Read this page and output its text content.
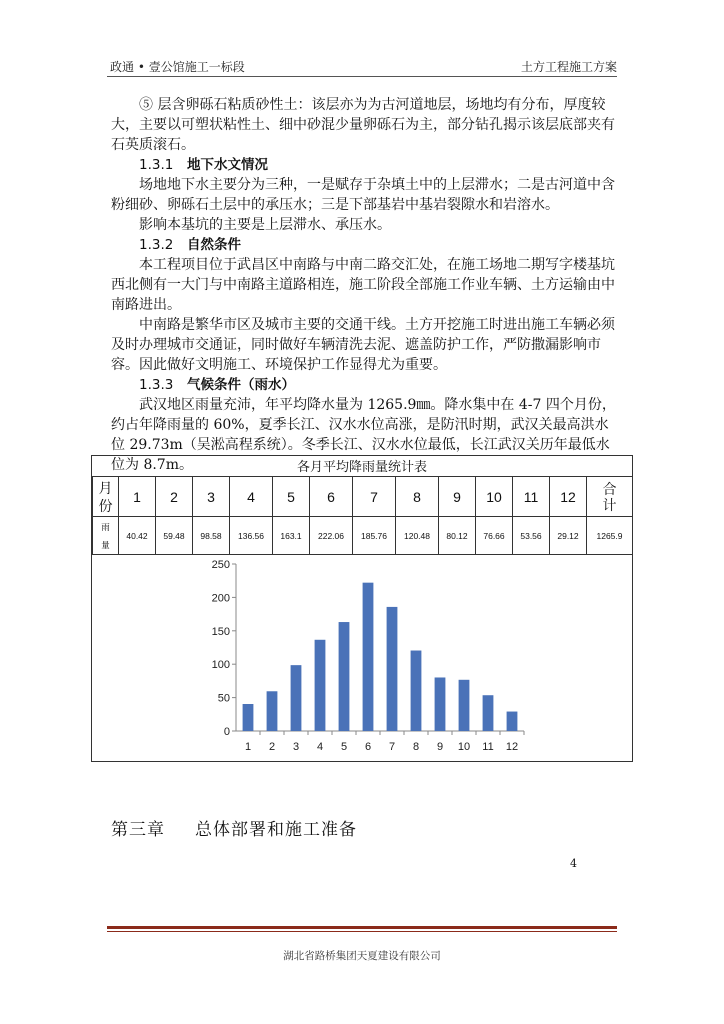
政通 • 壹公馆施工一标段	土方工程施工方案

⑤ 层含卵砾石粘质砂性土：该层亦为为古河道地层，场地均有分布，厚度较大，主要以可塑状粘性土、细中砂混少量卵砾石为主，部分钻孔揭示该层底部夹有石英质滚石。

1.3.1 地下水文情况

场地地下水主要分为三种，一是赋存于杂填土中的上层滞水；二是古河道中含粉细砂、卵砾石土层中的承压水；三是下部基岩中基岩裂隙水和岩溶水。

影响本基坑的主要是上层滞水、承压水。

1.3.2 自然条件

本工程项目位于武昌区中南路与中南二路交汇处，在施工场地二期写字楼基坑西北侧有一大门与中南路主道路相连，施工阶段全部施工作业车辆、土方运输由中南路进出。

中南路是繁华市区及城市主要的交通干线。土方开挖施工时进出施工车辆必须及时办理城市交通证，同时做好车辆清洗去泥、遮盖防护工作，严防撒漏影响市容。因此做好文明施工、环境保护工作显得尤为重要。

1.3.3 气候条件（雨水）

武汉地区雨量充沛，年平均降水量为 1265.9㎜。降水集中在 4-7 四个月份，约占年降雨量的 60%，夏季长江、汉水水位高涨，是防汛时期，武汉关最高洪水位 29.73m（吴淞高程系统）。冬季长江、汉水水位最低，长江武汉关历年最低水位为 8.7m。	各月平均降雨量统计表
月
份	1	2	3	4	5	6	7	8	9	10	11	12	合
计
雨
量	40.42	59.48	98.58	136.56	163.1	222.06	185.76	120.48	80.12	76.66	53.56	29.12	1265.9
0
50
100
150
200
250
1 2 3 4 5 6 7 8 9 10 11 12
第三章 总体部署和施工准备
4
湖北省路桥集团天夏建设有限公司
